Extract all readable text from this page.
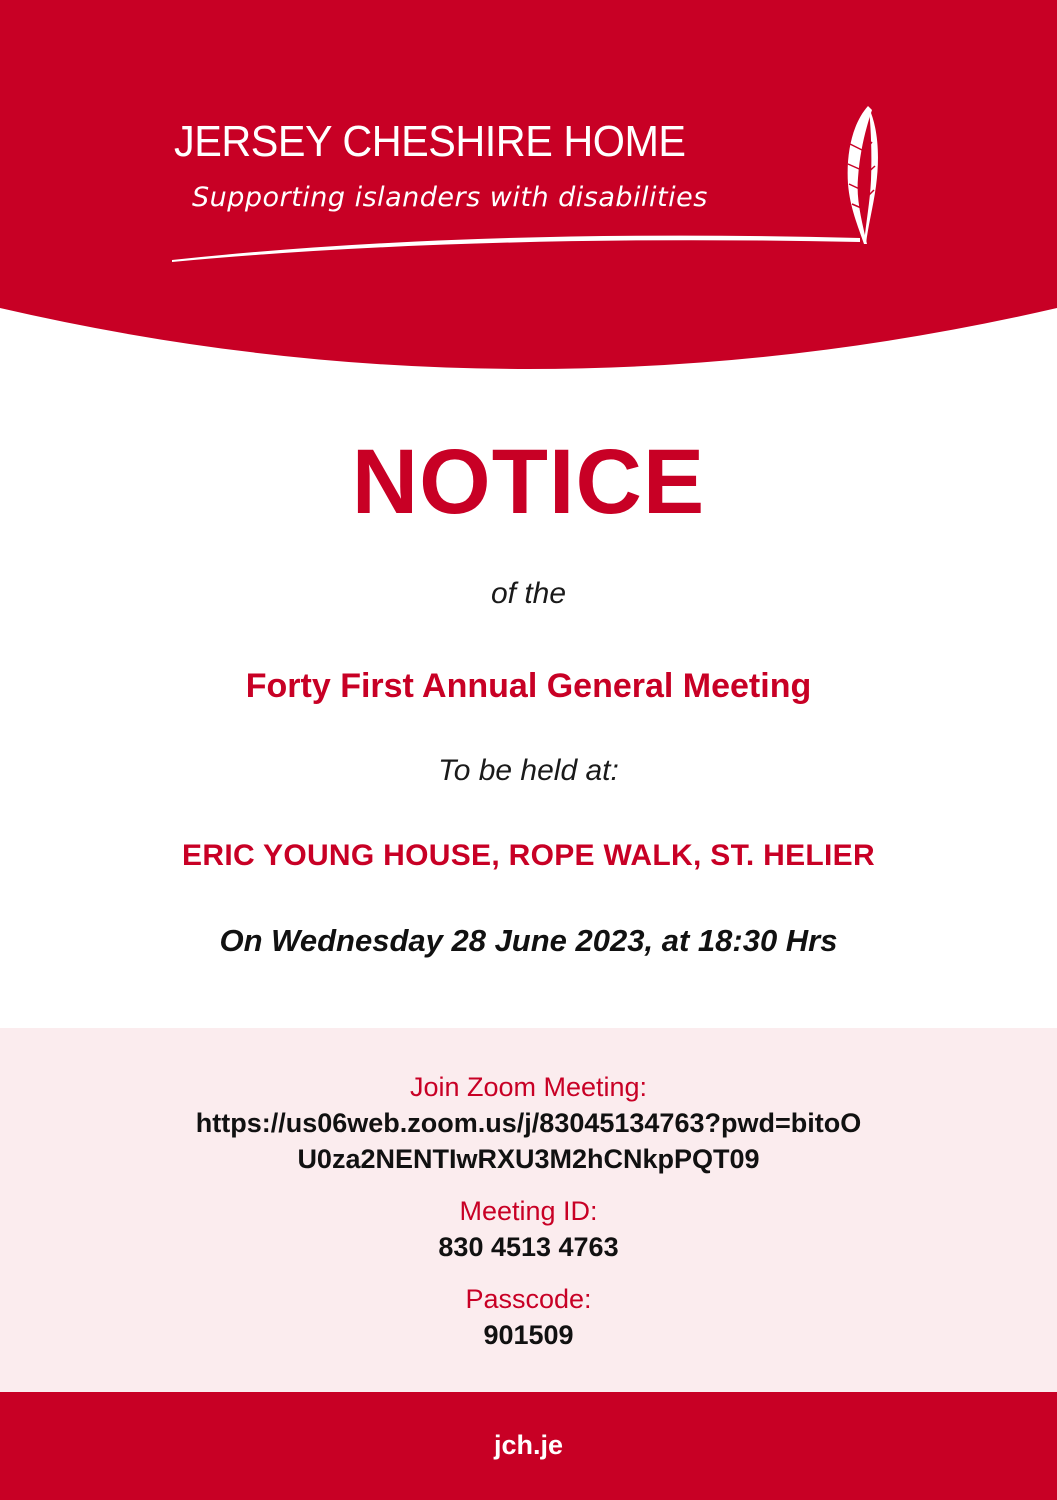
JERSEY CHESHIRE HOME
Supporting islanders with disabilities
NOTICE
of the
Forty First Annual General Meeting
To be held at:
ERIC YOUNG HOUSE, ROPE WALK, ST. HELIER
On Wednesday 28 June 2023, at 18:30 Hrs
Join Zoom Meeting:
https://us06web.zoom.us/j/83045134763?pwd=bitoO
U0za2NENTIwRXU3M2hCNkpPQT09
Meeting ID:
830 4513 4763
Passcode:
901509
jch.je
